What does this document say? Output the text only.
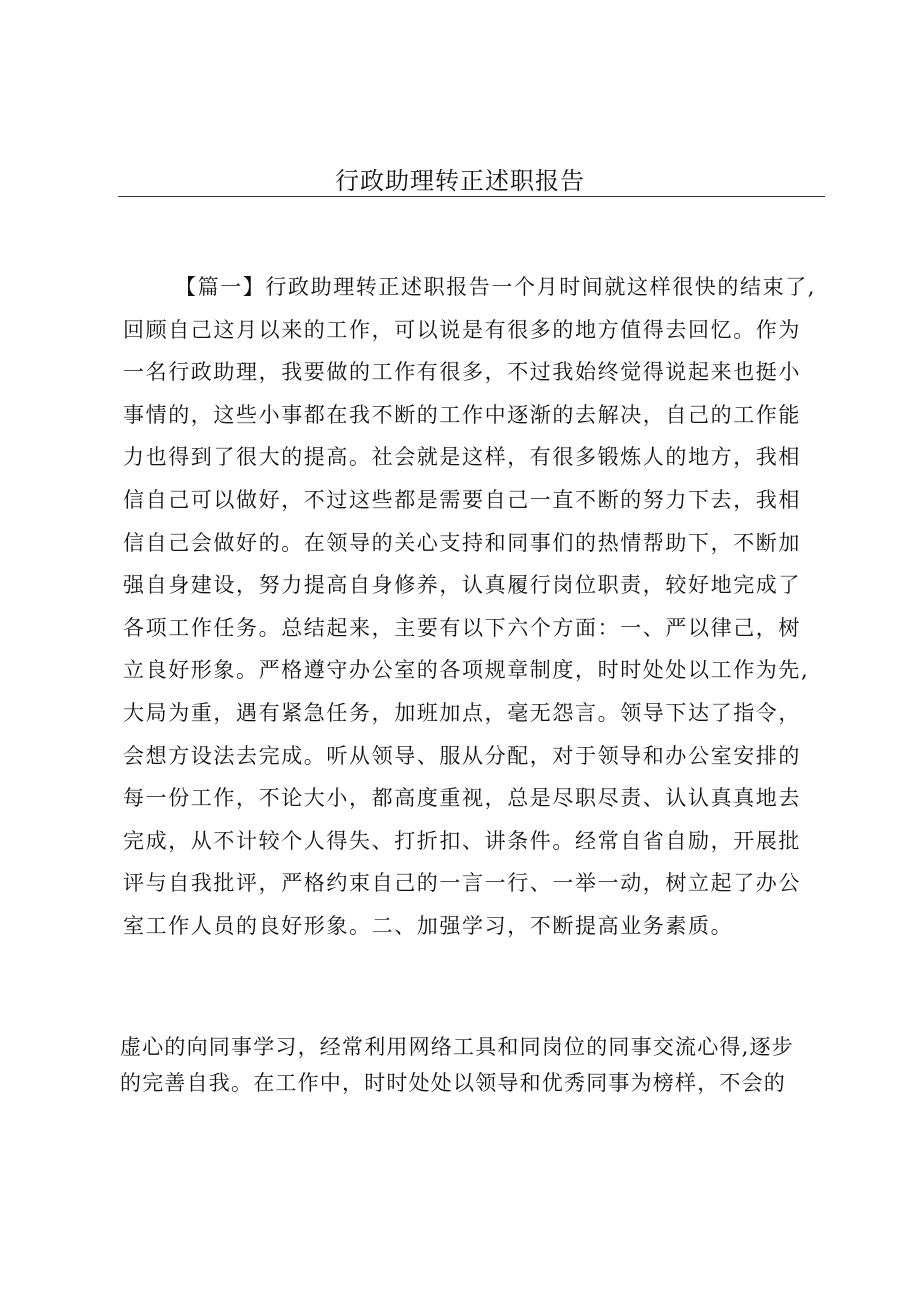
行政助理转正述职报告
【篇一】行政助理转正述职报告一个月时间就这样很快的结束了,
回顾自己这月以来的工作，可以说是有很多的地方值得去回忆。作为
一名行政助理，我要做的工作有很多，不过我始终觉得说起来也挺小
事情的，这些小事都在我不断的工作中逐渐的去解决，自己的工作能
力也得到了很大的提高。社会就是这样，有很多锻炼人的地方，我相
信自己可以做好，不过这些都是需要自己一直不断的努力下去，我相
信自己会做好的。在领导的关心支持和同事们的热情帮助下，不断加
强自身建设，努力提高自身修养，认真履行岗位职责，较好地完成了
各项工作任务。总结起来，主要有以下六个方面：一、严以律己，树
立良好形象。严格遵守办公室的各项规章制度，时时处处以工作为先,
大局为重，遇有紧急任务，加班加点，毫无怨言。领导下达了指令，
会想方设法去完成。听从领导、服从分配，对于领导和办公室安排的
每一份工作，不论大小，都高度重视，总是尽职尽责、认认真真地去
完成，从不计较个人得失、打折扣、讲条件。经常自省自励，开展批
评与自我批评，严格约束自己的一言一行、一举一动，树立起了办公
室工作人员的良好形象。二、加强学习，不断提高业务素质。
虚心的向同事学习，经常利用网络工具和同岗位的同事交流心得,逐步
的完善自我。在工作中，时时处处以领导和优秀同事为榜样，不会的
